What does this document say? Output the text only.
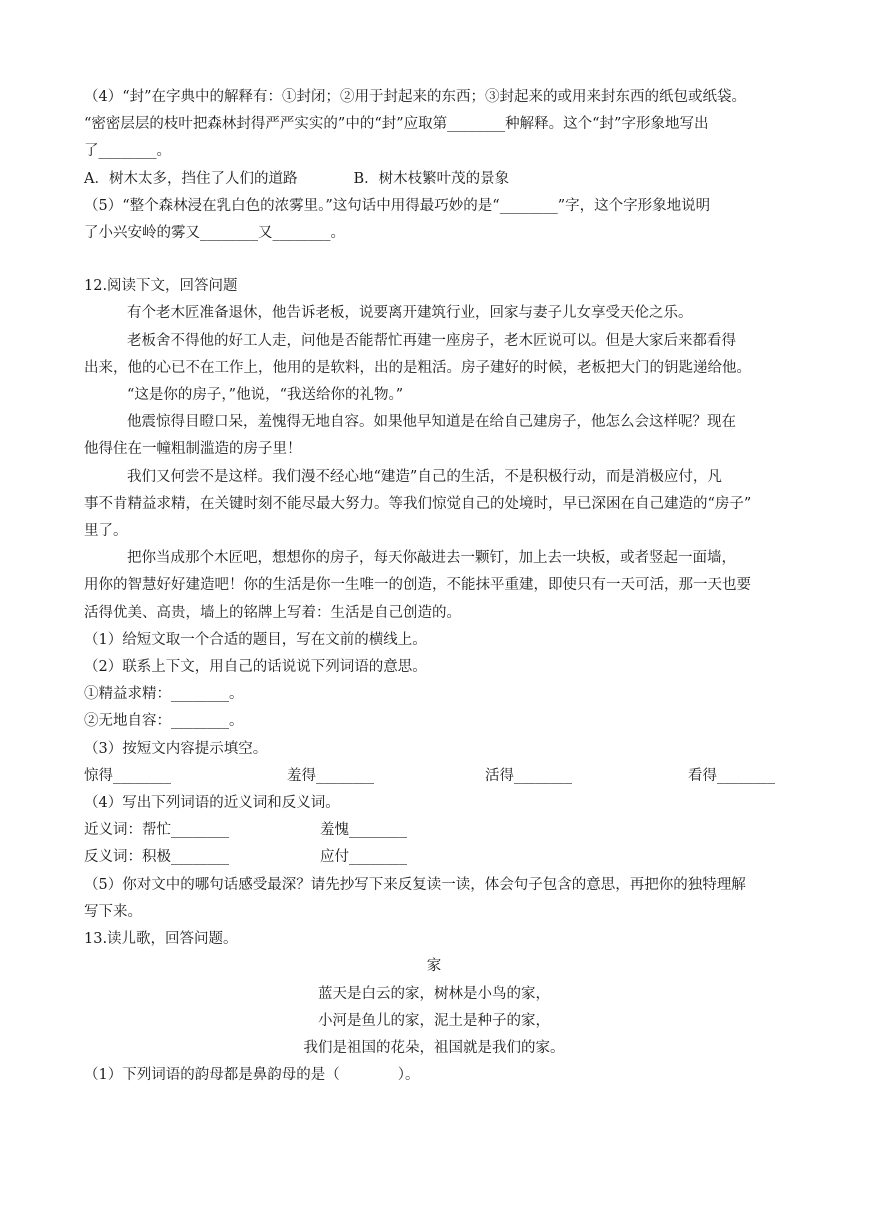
（4）“封”在字典中的解释有：①封闭；②用于封起来的东西；③封起来的或用来封东西的纸包或纸袋。
“密密层层的枝叶把森林封得严严实实的”中的“封”应取第________种解释。这个“封”字形象地写出
了________。
A．树木太多，挡住了人们的道路	B．树木枝繁叶茂的景象
（5）“整个森林浸在乳白色的浓雾里。”这句话中用得最巧妙的是“________”字，这个字形象地说明
了小兴安岭的雾又________又________。
12.阅读下文，回答问题
有个老木匠准备退休，他告诉老板，说要离开建筑行业，回家与妻子儿女享受天伦之乐。
老板舍不得他的好工人走，问他是否能帮忙再建一座房子，老木匠说可以。但是大家后来都看得
出来，他的心已不在工作上，他用的是软料，出的是粗活。房子建好的时候，老板把大门的钥匙递给他。
“这是你的房子，”他说，“我送给你的礼物。”
他震惊得目瞪口呆，羞愧得无地自容。如果他早知道是在给自己建房子，他怎么会这样呢？现在
他得住在一幢粗制滥造的房子里！
我们又何尝不是这样。我们漫不经心地“建造”自己的生活，不是积极行动，而是消极应付，凡
事不肯精益求精，在关键时刻不能尽最大努力。等我们惊觉自己的处境时，早已深困在自己建造的“房子”
里了。
把你当成那个木匠吧，想想你的房子，每天你敲进去一颗钉，加上去一块板，或者竖起一面墙，
用你的智慧好好建造吧！你的生活是你一生唯一的创造，不能抹平重建，即使只有一天可活，那一天也要
活得优美、高贵，墙上的铭牌上写着：生活是自己创造的。
（1）给短文取一个合适的题目，写在文前的横线上。
（2）联系上下文，用自己的话说说下列词语的意思。
①精益求精：________。
②无地自容：________。
（3）按短文内容提示填空。
惊得________	羞得________	活得________	看得________
（4）写出下列词语的近义词和反义词。
近义词：帮忙________	羞愧________
反义词：积极________	应付________
（5）你对文中的哪句话感受最深？请先抄写下来反复读一读，体会句子包含的意思，再把你的独特理解
写下来。
13.读儿歌，回答问题。
家
蓝天是白云的家，树林是小鸟的家，
小河是鱼儿的家，泥土是种子的家，
我们是祖国的花朵，祖国就是我们的家。
（1）下列词语的韵母都是鼻韵母的是（　　　　）。
